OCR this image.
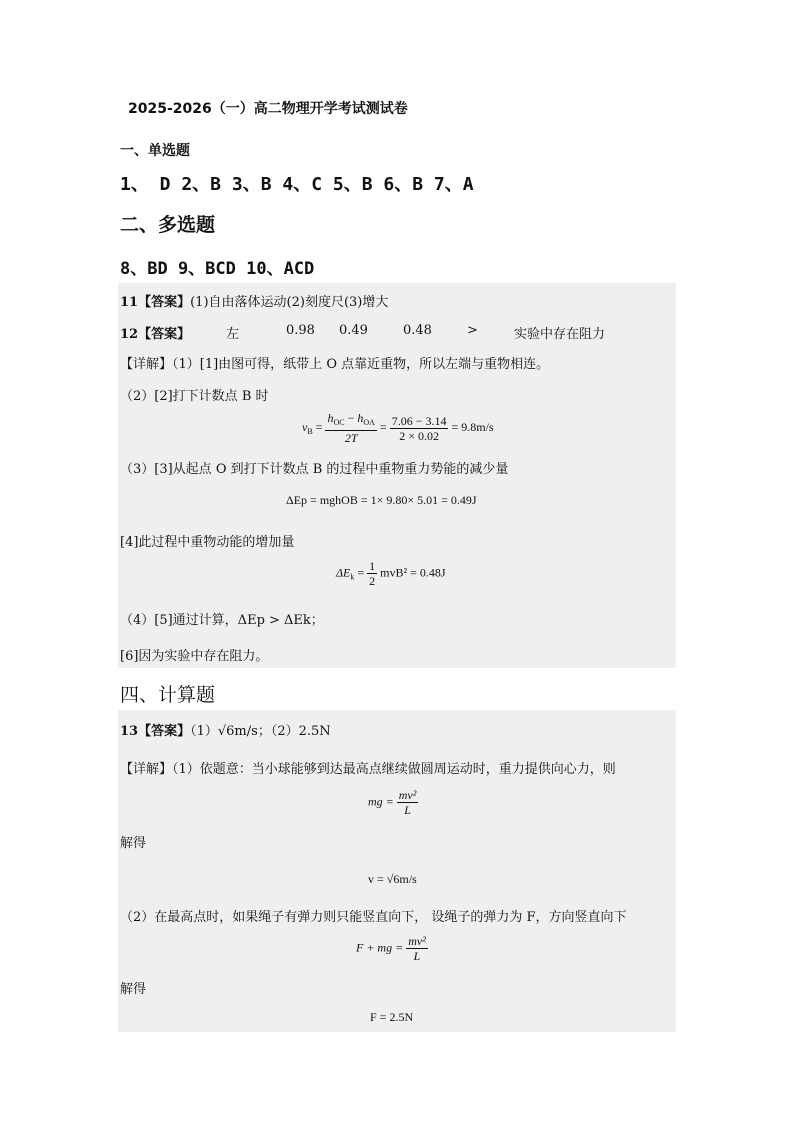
2025-2026（一）高二物理开学考试测试卷
一、单选题
1、 D 2、B 3、B 4、C 5、B 6、B 7、A
二、多选题
8、BD 9、BCD 10、ACD
11【答案】(1)自由落体运动(2)刻度尺(3)增大
12【答案】	左	0.98 0.49	0.48	>	实验中存在阻力
【详解】（1）[1]由图可得，纸带上 O 点靠近重物，所以左端与重物相连。
（2）[2]打下计数点 B 时
$v_B = \frac{h_{OC} - h_{OA}}{2T} = \frac{7.06 - 3.14}{2 \times 0.02} = 9.8m/s$
（3）[3]从起点 O 到打下计数点 B 的过程中重物重力势能的减少量
ΔEp = mghOB = 1× 9.80× 5.01 = 0.49J
[4]此过程中重物动能的增加量
$\Delta E_k = \frac{1}{2} mvB^2 = 0.48J$
（4）[5]通过计算，ΔEp > ΔEk；
[6]因为实验中存在阻力。
四、计算题
13【答案】（1）√6m/s；（2）2.5N
【详解】（1）依题意：当小球能够到达最高点继续做圆周运动时，重力提供向心力，则
mg = $\frac{\text{mv²}}{L}$
解得
v = √6m/s
（2）在最高点时，如果绳子有弹力则只能竖直向下， 设绳子的弹力为 F，方向竖直向下
F + mg = $\frac{\text{mv²}}{L}$
解得
F = 2.5N
